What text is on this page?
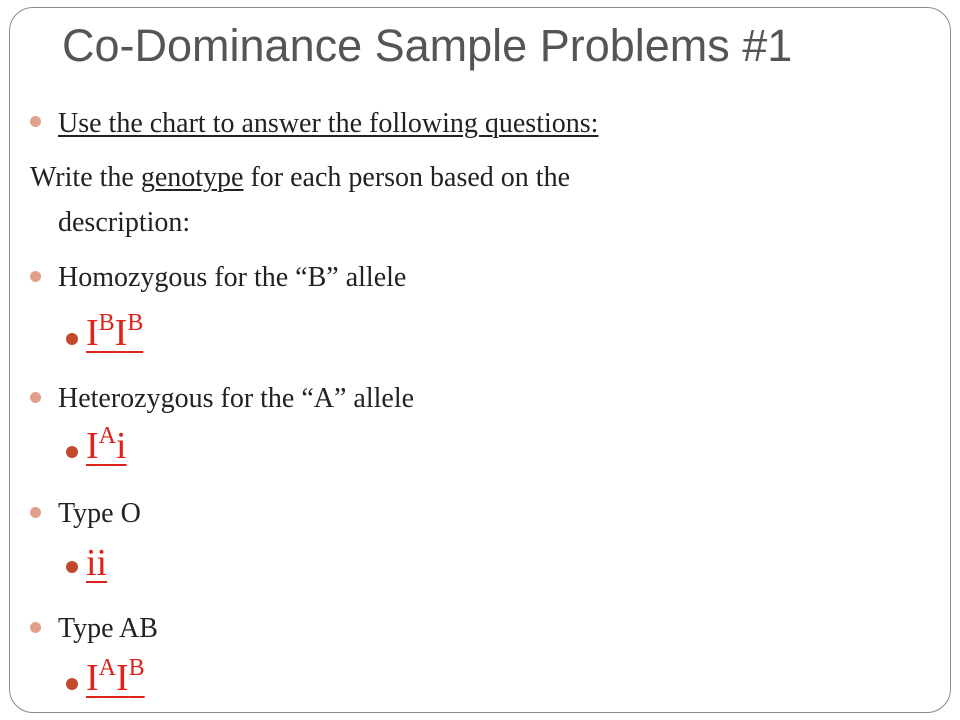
Co-Dominance Sample Problems #1
Use the chart to answer the following questions:
Write the genotype for each person based on the
description:
Homozygous for the “B” allele
$I^BI^B$
Heterozygous for the “A” allele
$I^Ai$
Type O
ii
Type AB
$I^AI^B$
